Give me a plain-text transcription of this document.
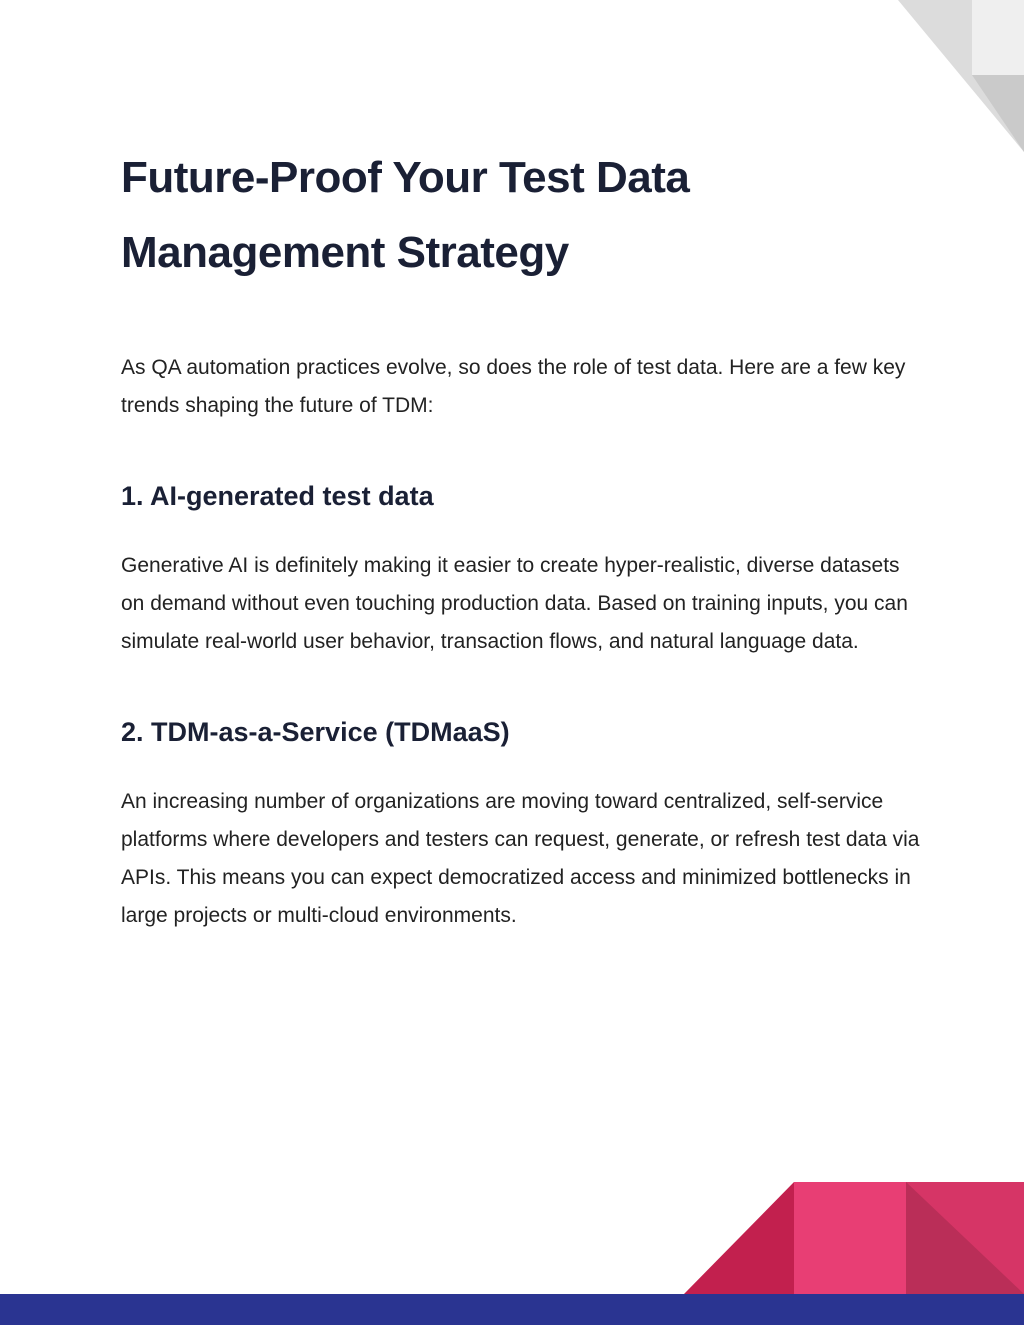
Future-Proof Your Test Data Management Strategy

As QA automation practices evolve, so does the role of test data. Here are a few key trends shaping the future of TDM:

1. AI-generated test data

Generative AI is definitely making it easier to create hyper-realistic, diverse datasets on demand without even touching production data. Based on training inputs, you can simulate real-world user behavior, transaction flows, and natural language data.

2. TDM-as-a-Service (TDMaaS)

An increasing number of organizations are moving toward centralized, self-service platforms where developers and testers can request, generate, or refresh test data via APIs. This means you can expect democratized access and minimized bottlenecks in large projects or multi-cloud environments.
